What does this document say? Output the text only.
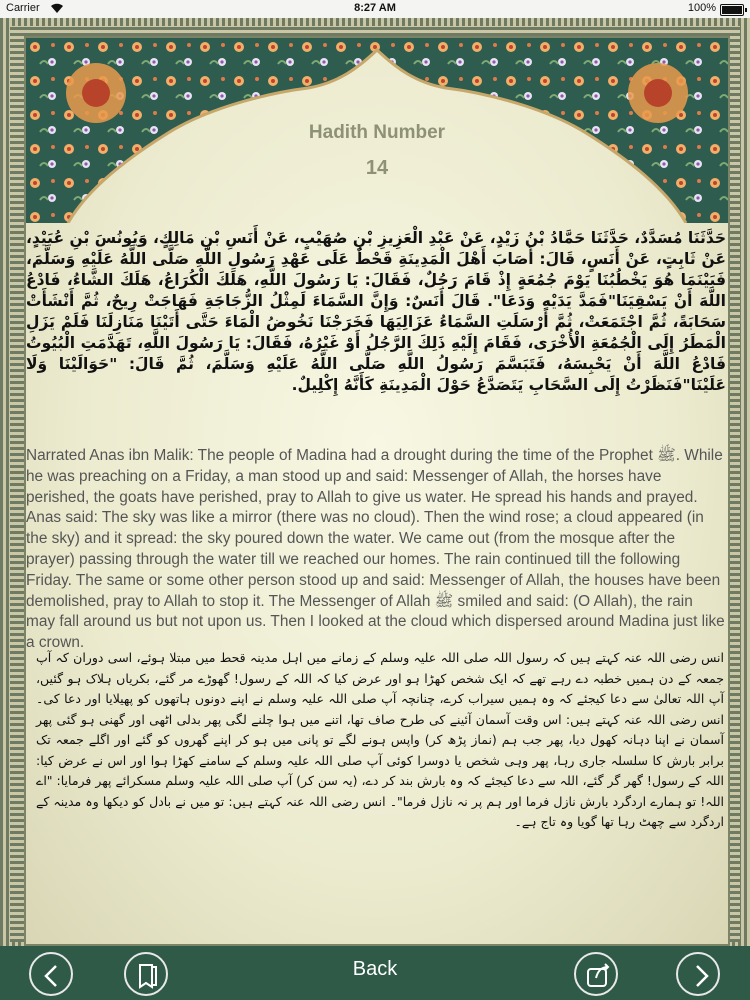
Carrier	8:27 AM	100%
Hadith Number
14
حَدَّثَنَا مُسَدَّدٌ، حَدَّثَنَا حَمَّادُ بْنُ زَيْدٍ، عَنْ عَبْدِ الْعَزِيزِ بْنِ صُهَيْبٍ، عَنْ أَنَسِ بْنِ مَالِكٍ، وَيُونُسَ بْنِ عُبَيْدٍ، عَنْ ثَابِتٍ، عَنْ أَنَسٍ، قَالَ: أَصَابَ أَهْلَ الْمَدِينَةِ قَحْطٌ عَلَى عَهْدِ رَسُولِ اللَّهِ صَلَّى اللَّهُ عَلَيْهِ وَسَلَّمَ، فَبَيْنَمَا هُوَ يَخْطُبُنَا يَوْمَ جُمُعَةٍ إِذْ قَامَ رَجُلٌ، فَقَالَ: يَا رَسُولَ اللَّهِ، هَلَكَ الْكُرَاعُ، هَلَكَ الشَّاءُ، فَادْعُ اللَّهَ أَنْ يَسْقِيَنَا"فَمَدَّ يَدَيْهِ وَدَعَا". قَالَ أَنَسٌ: وَإِنَّ السَّمَاءَ لَمِثْلُ الزُّجَاجَةِ فَهَاجَتْ رِيحٌ، ثُمَّ أَنْشَأَتْ سَحَابَةً، ثُمَّ اجْتَمَعَتْ، ثُمَّ أَرْسَلَتِ السَّمَاءُ عَزَالِيَهَا فَخَرَجْنَا نَخُوضُ الْمَاءَ حَتَّى أَتَيْنَا مَنَازِلَنَا فَلَمْ يَزَلِ الْمَطَرُ إِلَى الْجُمُعَةِ الْأُخْرَى، فَقَامَ إِلَيْهِ ذَلِكَ الرَّجُلُ أَوْ غَيْرُهُ، فَقَالَ: يَا رَسُولَ اللَّهِ، تَهَدَّمَتِ الْبُيُوتُ فَادْعُ اللَّهَ أَنْ يَحْبِسَهُ، فَتَبَسَّمَ رَسُولُ اللَّهِ صَلَّى اللَّهُ عَلَيْهِ وَسَلَّمَ، ثُمَّ قَالَ: "حَوَالَيْنَا وَلَا عَلَيْنَا"فَنَظَرْتُ إِلَى السَّحَابِ يَتَصَدَّعُ حَوْلَ الْمَدِينَةِ كَأَنَّهُ إِكْلِيلٌ.
Narrated Anas ibn Malik: The people of Madina had a drought during the time of the Prophet ﷺ. While he was preaching on a Friday, a man stood up and said: Messenger of Allah, the horses have perished, the goats have perished, pray to Allah to give us water. He spread his hands and prayed. Anas said: The sky was like a mirror (there was no cloud). Then the wind rose; a cloud appeared (in the sky) and it spread: the sky poured down the water. We came out (from the mosque after the prayer) passing through the water till we reached our homes. The rain continued till the following Friday. The same or some other person stood up and said: Messenger of Allah, the houses have been demolished, pray to Allah to stop it. The Messenger of Allah ﷺ smiled and said: (O Allah), the rain may fall around us but not upon us. Then I looked at the cloud which dispersed around Madina just like a crown.
انس رضی اللہ عنہ کہتے ہیں کہ رسول اللہ صلی اللہ علیہ وسلم کے زمانے میں اہل مدینہ قحط میں مبتلا ہوئے، اسی دوران کہ آپ جمعہ کے دن ہمیں خطبہ دے رہے تھے کہ ایک شخص کھڑا ہو اور عرض کیا کہ اللہ کے رسول! گھوڑے مر گئے، بکریاں ہلاک ہو گئیں، آپ اللہ تعالیٰ سے دعا کیجئے کہ وہ ہمیں سیراب کرے، چنانچہ آپ صلی اللہ علیہ وسلم نے اپنے دونوں ہاتھوں کو پھیلایا اور دعا کی۔ انس رضی اللہ عنہ کہتے ہیں: اس وقت آسمان آئینے کی طرح صاف تھا، اتنے میں ہوا چلنے لگی پھر بدلی اٹھی اور گھنی ہو گئی پھر آسمان نے اپنا دہانہ کھول دیا، پھر جب ہم (نماز پڑھ کر) واپس ہونے لگے تو پانی میں ہو کر اپنے گھروں کو گئے اور اگلے جمعہ تک برابر بارش کا سلسلہ جاری رہا، پھر وہی شخص یا دوسرا کوئی آپ صلی اللہ علیہ وسلم کے سامنے کھڑا ہوا اور اس نے عرض کیا: اللہ کے رسول! گھر گر گئے، اللہ سے دعا کیجئے کہ وہ بارش بند کر دے، (یہ سن کر) آپ صلی اللہ علیہ وسلم مسکرائے پھر فرمایا: "اے اللہ! تو ہمارے اردگرد بارش نازل فرما اور ہم پر نہ نازل فرما"۔ انس رضی اللہ عنہ کہتے ہیں: تو میں نے بادل کو دیکھا وہ مدینہ کے اردگرد سے چھٹ رہا تھا گویا وہ تاج ہے۔
Back
